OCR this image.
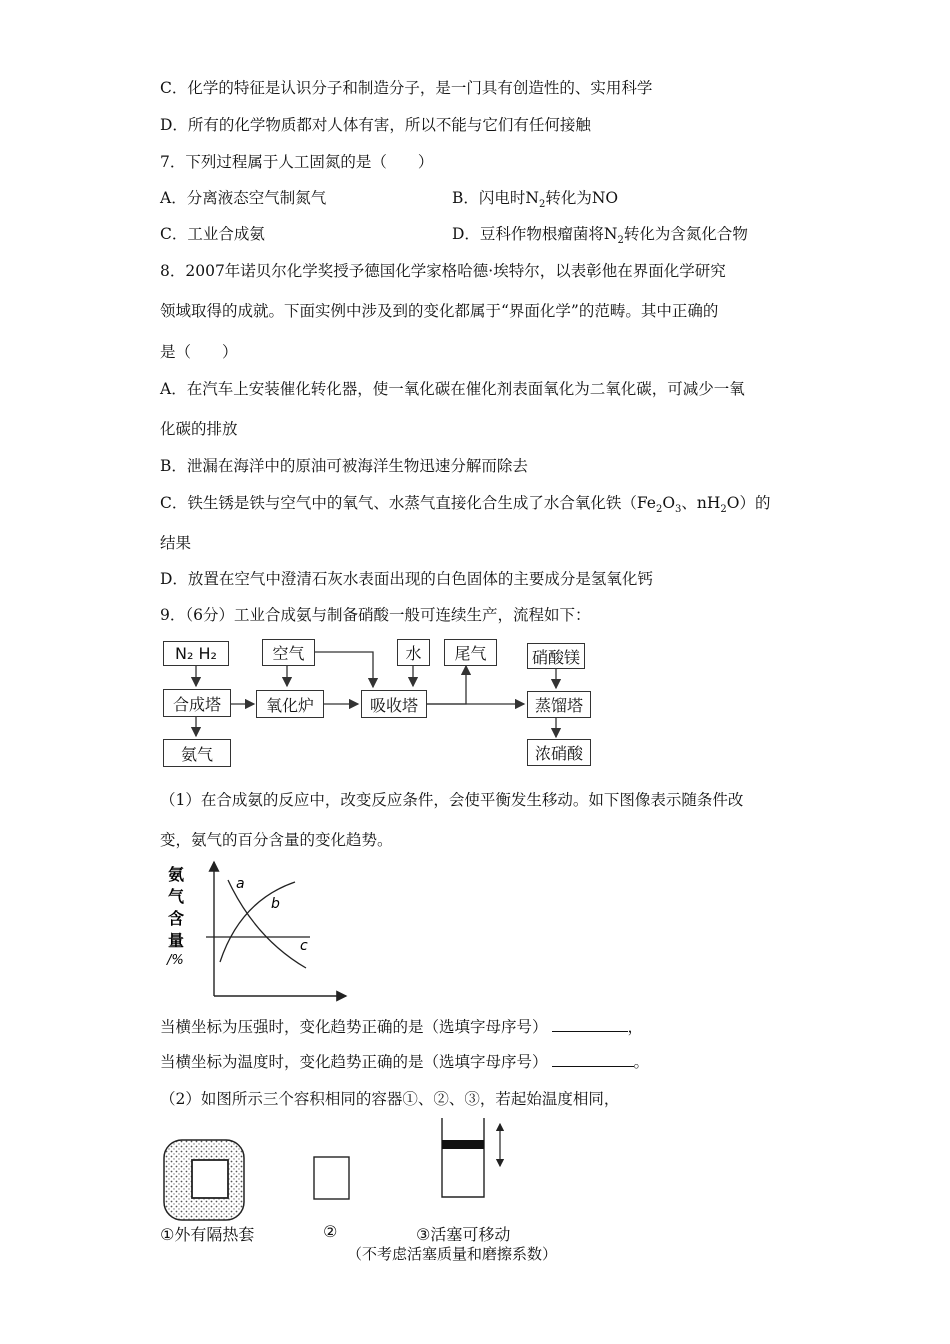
C．化学的特征是认识分子和制造分子，是一门具有创造性的、实用科学
D．所有的化学物质都对人体有害，所以不能与它们有任何接触
7．下列过程属于人工固氮的是（　　）
A．分离液态空气制氮气	B．闪电时$N_2$转化为NO
C．工业合成氨	D．豆科作物根瘤菌将$N_2$转化为含氮化合物
8．2007年诺贝尔化学奖授予德国化学家格哈德·埃特尔，以表彰他在界面化学研究
领域取得的成就。下面实例中涉及到的变化都属于“界面化学”的范畴。其中正确的
是（　　）
A．在汽车上安装催化转化器，使一氧化碳在催化剂表面氧化为二氧化碳，可减少一氧
化碳的排放
B．泄漏在海洋中的原油可被海洋生物迅速分解而除去
C．铁生锈是铁与空气中的氧气、水蒸气直接化合生成了水合氧化铁（$Fe_2O_3$、$nH_2O$）的
结果
D．放置在空气中澄清石灰水表面出现的白色固体的主要成分是氢氧化钙
9．（6分）工业合成氨与制备硝酸一般可连续生产，流程如下：
N₂ H₂
合成塔
氨气
空气
氧化炉
水	尾气
吸收塔
硝酸镁
蒸馏塔
浓硝酸
（1）在合成氨的反应中，改变反应条件，会使平衡发生移动。如下图像表示随条件改
变，氨气的百分含量的变化趋势。
a
b
c
氨
气
含
量
/%
当横坐标为压强时，变化趋势正确的是（选填字母序号）	，
当横坐标为温度时，变化趋势正确的是（选填字母序号）	。
（2）如图所示三个容积相同的容器①、②、③，若起始温度相同，
①外有隔热套	②	③活塞可移动
（不考虑活塞质量和磨擦系数）
